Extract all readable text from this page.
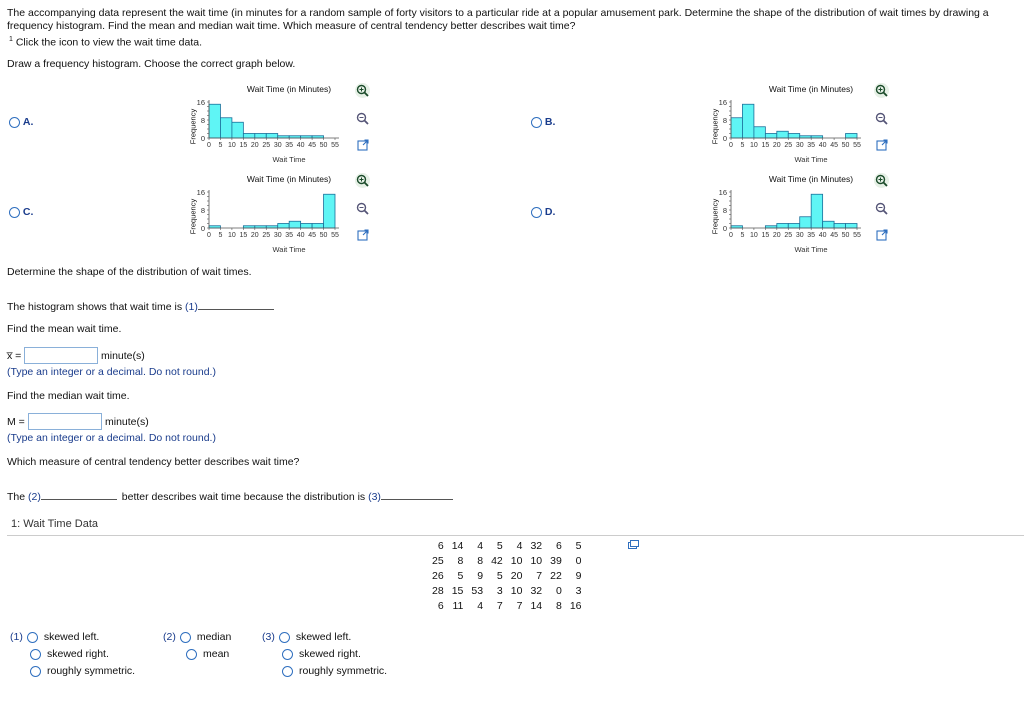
The accompanying data represent the wait time (in minutes for a random sample of forty visitors to a particular ride at a popular amusement park. Determine the shape of the distribution of wait times by drawing a frequency histogram. Find the mean and median wait time. Which measure of central tendency better describes wait time?
$^1$ Click the icon to view the wait time data.
Draw a frequency histogram. Choose the correct graph below.
A.	B.
C.	D.
0
8
16
0 5 10 15 20 25 30 35 40 45 50 55
Wait Time (in Minutes)
Frequency
Wait Time
0
8
16
0 5 10 15 20 25 30 35 40 45 50 55
Wait Time (in Minutes)
Frequency
Wait Time
0
8
16
0 5 10 15 20 25 30 35 40 45 50 55
Wait Time (in Minutes)
Frequency
Wait Time
0
8
16
0 5 10 15 20 25 30 35 40 45 50 55
Wait Time (in Minutes)
Frequency
Wait Time
Determine the shape of the distribution of wait times.
The histogram shows that wait time is (1)
Find the mean wait time.
x̅ =	minute(s)
(Type an integer or a decimal. Do not round.)
Find the median wait time.
M =	minute(s)
(Type an integer or a decimal. Do not round.)
Which measure of central tendency better describes wait time?
The (2)	better describes wait time because the distribution is (3)
1: Wait Time Data
6	14	4	5	4	32	6	5
25	8	8	42	10	10	39	0
26	5	9	5	20	7	22	9
28	15	53	3	10	32	0	3
6	11	4	7	7	14	8	16
(1) skewed left.
skewed right.
roughly symmetric.
(2) median
mean
(3) skewed left.
skewed right.
roughly symmetric.
